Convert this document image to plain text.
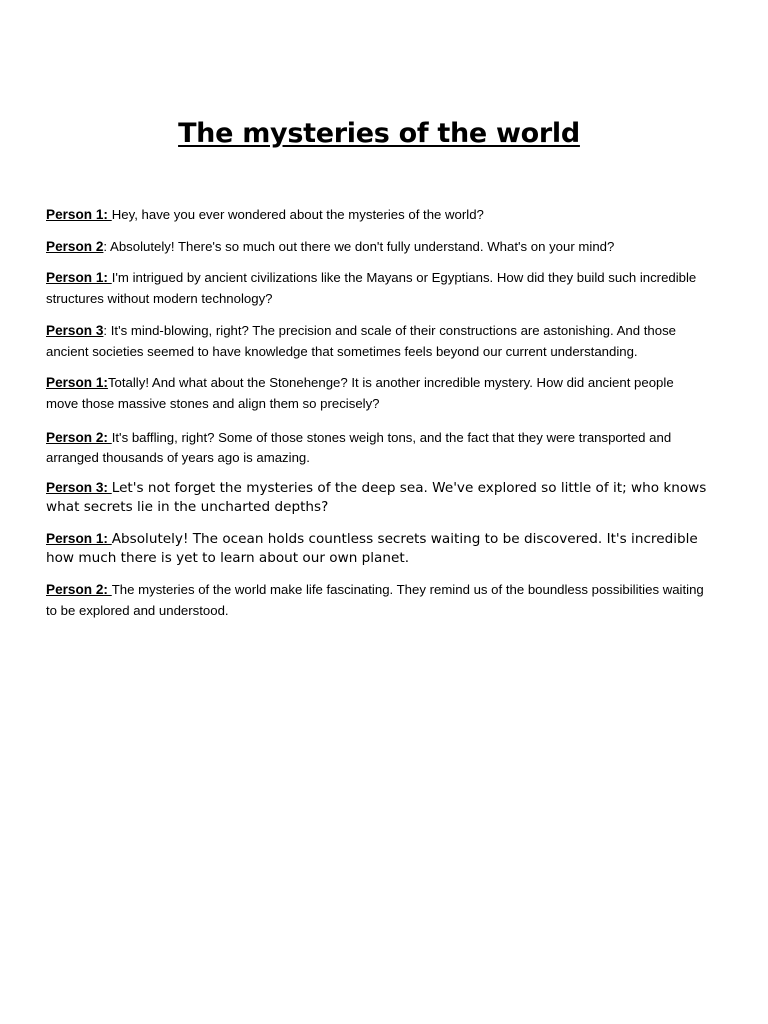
The mysteries of the world

Person 1: Hey, have you ever wondered about the mysteries of the world?

Person 2: Absolutely! There's so much out there we don't fully understand. What's on your mind?

Person 1: I'm intrigued by ancient civilizations like the Mayans or Egyptians. How did they build such incredible structures without modern technology?

Person 3: It's mind-blowing, right? The precision and scale of their constructions are astonishing. And those ancient societies seemed to have knowledge that sometimes feels beyond our current understanding.

Person 1:Totally! And what about the Stonehenge? It is another incredible mystery. How did ancient people move those massive stones and align them so precisely?

Person 2: It's baffling, right? Some of those stones weigh tons, and the fact that they were transported and arranged thousands of years ago is amazing.

Person 3: Let's not forget the mysteries of the deep sea. We've explored so little of it; who knows what secrets lie in the uncharted depths?

Person 1: Absolutely! The ocean holds countless secrets waiting to be discovered. It's incredible how much there is yet to learn about our own planet.

Person 2: The mysteries of the world make life fascinating. They remind us of the boundless possibilities waiting to be explored and understood.
